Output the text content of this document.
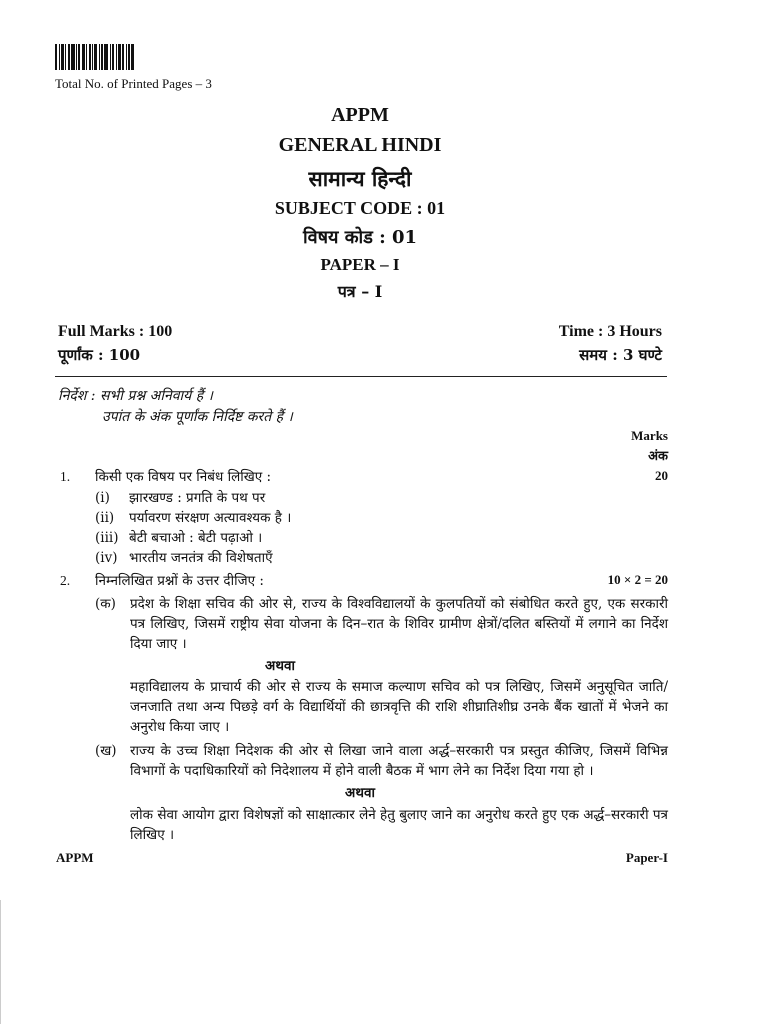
Total No. of Printed Pages – 3
APPM
GENERAL HINDI
सामान्य हिन्दी
SUBJECT CODE : 01
विषय कोड : 01
PAPER – I
पत्र – I
Full Marks : 100
पूर्णांक : 100
Time : 3 Hours
समय : 3 घण्टे
निर्देश : सभी प्रश्न अनिवार्य हैं ।
उपांत के अंक पूर्णांक निर्दिष्ट करते हैं ।
Marks
अंक
1. किसी एक विषय पर निबंध लिखिए :	20
(i) झारखण्ड : प्रगति के पथ पर
(ii) पर्यावरण संरक्षण अत्यावश्यक है ।
(iii) बेटी बचाओ : बेटी पढ़ाओ ।
(iv) भारतीय जनतंत्र की विशेषताएँ
2. निम्नलिखित प्रश्नों के उत्तर दीजिए :	10 × 2 = 20
(क) प्रदेश के शिक्षा सचिव की ओर से, राज्य के विश्वविद्यालयों के कुलपतियों को संबोधित करते हुए, एक सरकारी पत्र लिखिए, जिसमें राष्ट्रीय सेवा योजना के दिन–रात के शिविर ग्रामीण क्षेत्रों/दलित बस्तियों में लगाने का निर्देश दिया जाए ।
अथवा
महाविद्यालय के प्राचार्य की ओर से राज्य के समाज कल्याण सचिव को पत्र लिखिए, जिसमें अनुसूचित जाति/जनजाति तथा अन्य पिछड़े वर्ग के विद्यार्थियों की छात्रवृत्ति की राशि शीघ्रातिशीघ्र उनके बैंक खातों में भेजने का अनुरोध किया जाए ।
(ख) राज्य के उच्च शिक्षा निदेशक की ओर से लिखा जाने वाला अर्द्ध–सरकारी पत्र प्रस्तुत कीजिए, जिसमें विभिन्न विभागों के पदाधिकारियों को निदेशालय में होने वाली बैठक में भाग लेने का निर्देश दिया गया हो ।
अथवा
लोक सेवा आयोग द्वारा विशेषज्ञों को साक्षात्कार लेने हेतु बुलाए जाने का अनुरोध करते हुए एक अर्द्ध–सरकारी पत्र लिखिए ।
APPM	Paper-I
